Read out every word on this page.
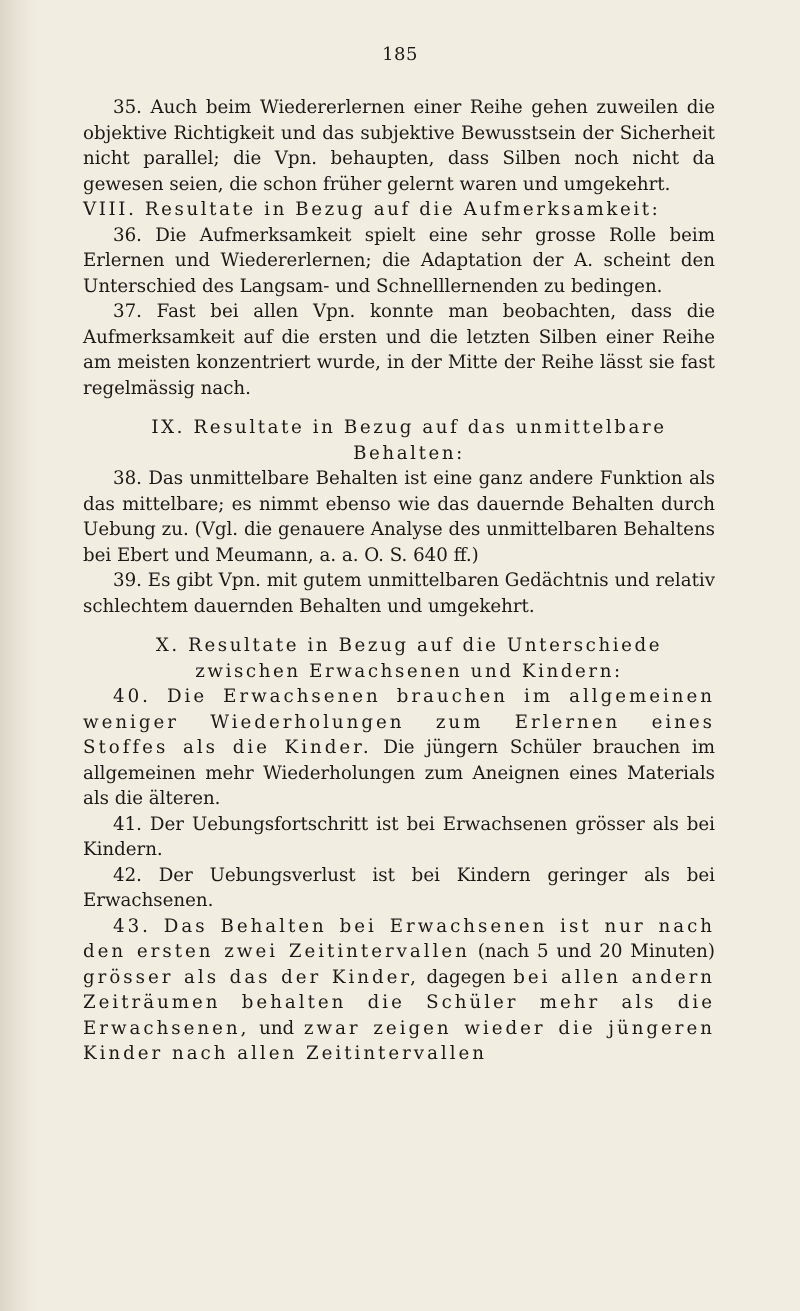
185

35. Auch beim Wiedererlernen einer Reihe gehen zuweilen die objektive Richtigkeit und das subjektive Bewusstsein der Sicherheit nicht parallel; die Vpn. behaupten, dass Silben noch nicht da gewesen seien, die schon früher gelernt waren und umgekehrt.

VIII. Resultate in Bezug auf die Aufmerksamkeit:

36. Die Aufmerksamkeit spielt eine sehr grosse Rolle beim Erlernen und Wiedererlernen; die Adaptation der A. scheint den Unterschied des Langsam- und Schnelllernenden zu bedingen.

37. Fast bei allen Vpn. konnte man beobachten, dass die Aufmerksamkeit auf die ersten und die letzten Silben einer Reihe am meisten konzentriert wurde, in der Mitte der Reihe lässt sie fast regelmässig nach.

IX. Resultate in Bezug auf das unmittelbare

Behalten:

38. Das unmittelbare Behalten ist eine ganz andere Funktion als das mittelbare; es nimmt ebenso wie das dauernde Behalten durch Uebung zu. (Vgl. die genauere Analyse des unmittelbaren Behaltens bei Ebert und Meumann, a. a. O. S. 640 ff.)

39. Es gibt Vpn. mit gutem unmittelbaren Gedächtnis und relativ schlechtem dauernden Behalten und umgekehrt.

X. Resultate in Bezug auf die Unterschiede

zwischen Erwachsenen und Kindern:

40. Die Erwachsenen brauchen im allgemeinen weniger Wiederholungen zum Erlernen eines Stoffes als die Kinder. Die jüngern Schüler brauchen im allgemeinen mehr Wiederholungen zum Aneignen eines Materials als die älteren.

41. Der Uebungsfortschritt ist bei Erwachsenen grösser als bei Kindern.

42. Der Uebungsverlust ist bei Kindern geringer als bei Erwachsenen.

43. Das Behalten bei Erwachsenen ist nur nach den ersten zwei Zeitintervallen (nach 5 und 20 Minuten) grösser als das der Kinder, dagegen bei allen andern Zeiträumen behalten die Schüler mehr als die Erwachsenen, und zwar zeigen wieder die jüngeren Kinder nach allen Zeitintervallen
